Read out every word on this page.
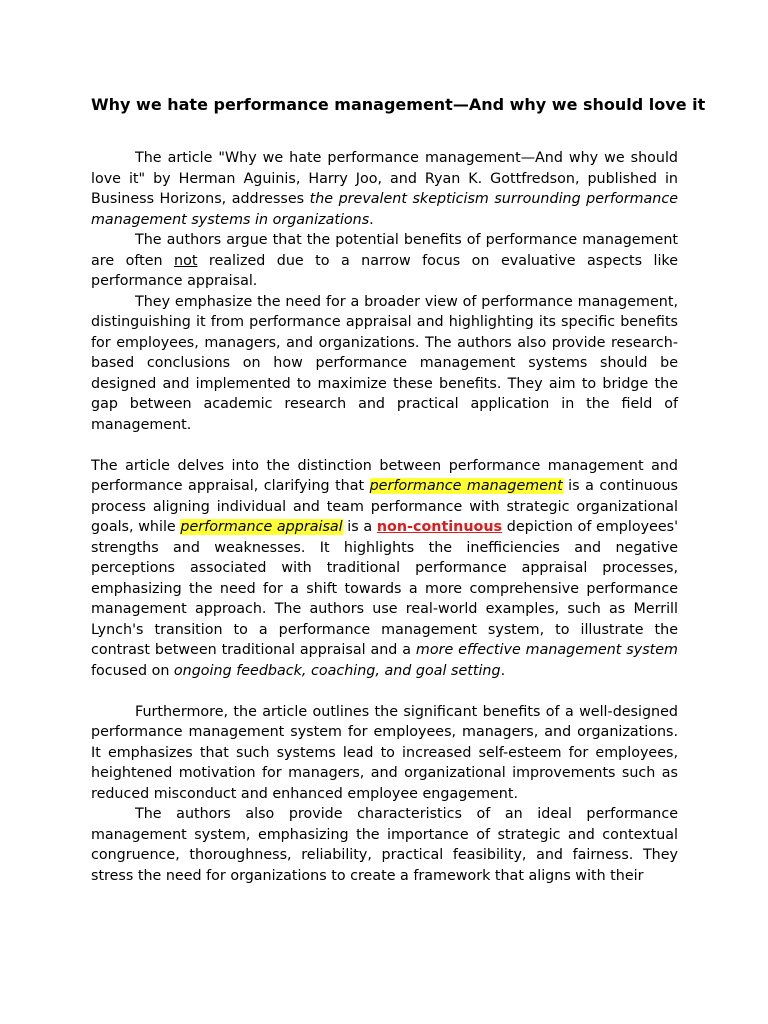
Why we hate performance management—And why we should love it

The article "Why we hate performance management—And why we should love it" by Herman Aguinis, Harry Joo, and Ryan K. Gottfredson, published in Business Horizons, addresses the prevalent skepticism surrounding performance management systems in organizations.

The authors argue that the potential benefits of performance management are often not realized due to a narrow focus on evaluative aspects like performance appraisal.

They emphasize the need for a broader view of performance management, distinguishing it from performance appraisal and highlighting its specific benefits for employees, managers, and organizations. The authors also provide research-based conclusions on how performance management systems should be designed and implemented to maximize these benefits. They aim to bridge the gap between academic research and practical application in the field of management.

The article delves into the distinction between performance management and performance appraisal, clarifying that performance management is a continuous process aligning individual and team performance with strategic organizational goals, while performance appraisal is a non-continuous depiction of employees' strengths and weaknesses. It highlights the inefficiencies and negative perceptions associated with traditional performance appraisal processes, emphasizing the need for a shift towards a more comprehensive performance management approach. The authors use real-world examples, such as Merrill Lynch's transition to a performance management system, to illustrate the contrast between traditional appraisal and a more effective management system focused on ongoing feedback, coaching, and goal setting.

Furthermore, the article outlines the significant benefits of a well-designed performance management system for employees, managers, and organizations. It emphasizes that such systems lead to increased self-esteem for employees, heightened motivation for managers, and organizational improvements such as reduced misconduct and enhanced employee engagement.

The authors also provide characteristics of an ideal performance management system, emphasizing the importance of strategic and contextual congruence, thoroughness, reliability, practical feasibility, and fairness. They stress the need for organizations to create a framework that aligns with their
